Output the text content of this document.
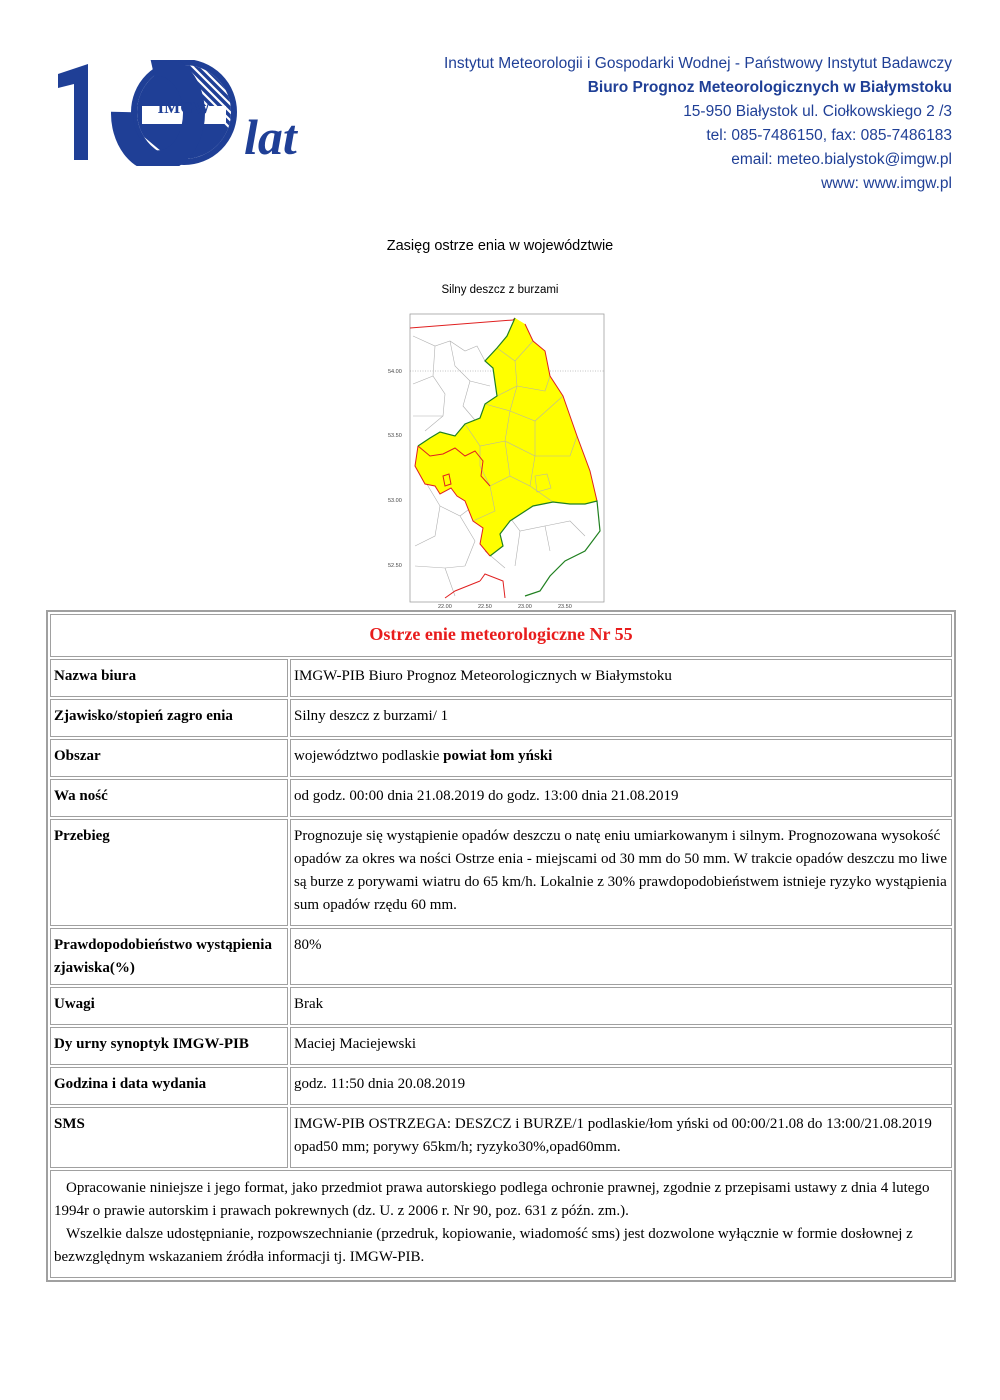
IMGW
lat
Instytut Meteorologii i Gospodarki Wodnej - Państwowy Instytut Badawczy
Biuro Prognoz Meteorologicznych w Białymstoku
15-950 Białystok ul. Ciołkowskiego 2 /3
tel: 085-7486150, fax: 085-7486183
email: meteo.bialystok@imgw.pl
www: www.imgw.pl
Zasięg ostrze enia w województwie
Silny deszcz z burzami
54.00
53.50
53.00
52.50
22.00	22.50	23.00	23.50
Ostrze enie meteorologiczne Nr 55	
Nazwa biura	IMGW-PIB Biuro Prognoz Meteorologicznych w Białymstoku
Zjawisko/stopień zagro enia	Silny deszcz z burzami/ 1
Obszar	województwo podlaskie powiat łom yński
Wa ność	od godz. 00:00 dnia 21.08.2019 do godz. 13:00 dnia 21.08.2019
Przebieg	Prognozuje się wystąpienie opadów deszczu o natę eniu umiarkowanym i silnym. Prognozowana wysokość opadów za okres wa ności Ostrze enia - miejscami od 30 mm do 50 mm. W trakcie opadów deszczu mo liwe są burze z porywami wiatru do 65 km/h. Lokalnie z 30% prawdopodobieństwem istnieje ryzyko wystąpienia sum opadów rzędu 60 mm.
Prawdopodobieństwo wystąpienia zjawiska(%)	80%
Uwagi	Brak
Dy urny synoptyk IMGW-PIB	Maciej Maciejewski
Godzina i data wydania	godz. 11:50 dnia 20.08.2019
SMS	IMGW-PIB OSTRZEGA: DESZCZ i BURZE/1 podlaskie/łom yński od 00:00/21.08 do 13:00/21.08.2019 opad50 mm; porywy 65km/h; ryzyko30%,opad60mm.

Opracowanie niniejsze i jego format, jako przedmiot prawa autorskiego podlega ochronie prawnej, zgodnie z przepisami ustawy z dnia 4 lutego 1994r o prawie autorskim i prawach pokrewnych (dz. U. z 2006 r. Nr 90, poz. 631 z późn. zm.).

Wszelkie dalsze udostępnianie, rozpowszechnianie (przedruk, kopiowanie, wiadomość sms) jest dozwolone wyłącznie w formie dosłownej z bezwzględnym wskazaniem źródła informacji tj. IMGW-PIB.	
